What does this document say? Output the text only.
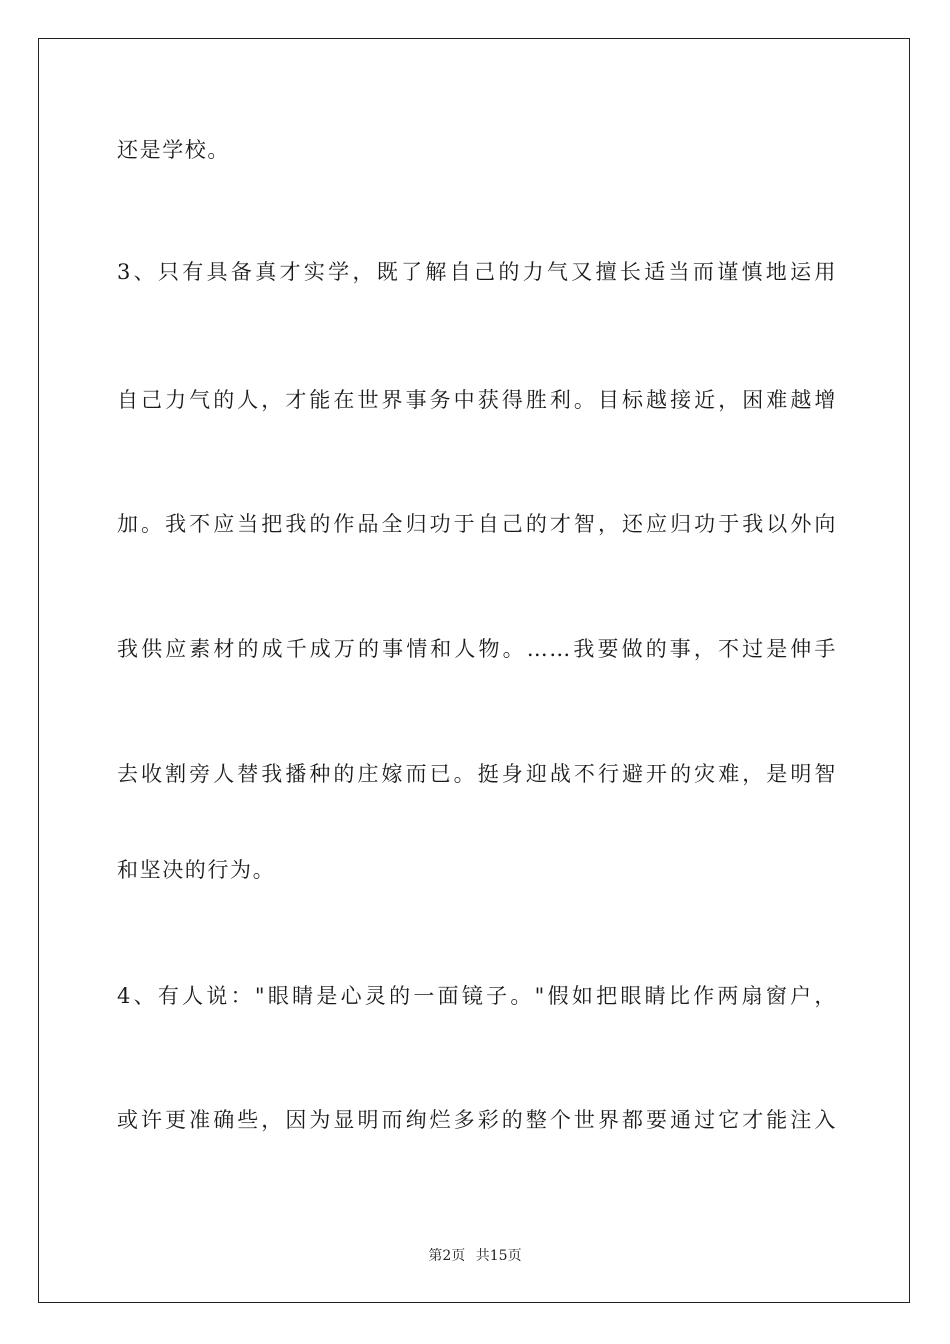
还是学校。
3、只有具备真才实学，既了解自己的力气又擅长适当而谨慎地运用
自己力气的人，才能在世界事务中获得胜利。目标越接近，困难越增
加。我不应当把我的作品全归功于自己的才智，还应归功于我以外向
我供应素材的成千成万的事情和人物。……我要做的事，不过是伸手
去收割旁人替我播种的庄嫁而已。挺身迎战不行避开的灾难，是明智
和坚决的行为。
4、有人说："眼睛是心灵的一面镜子。"假如把眼睛比作两扇窗户，
或许更准确些，因为显明而绚烂多彩的整个世界都要通过它才能注入
第2页 共15页
